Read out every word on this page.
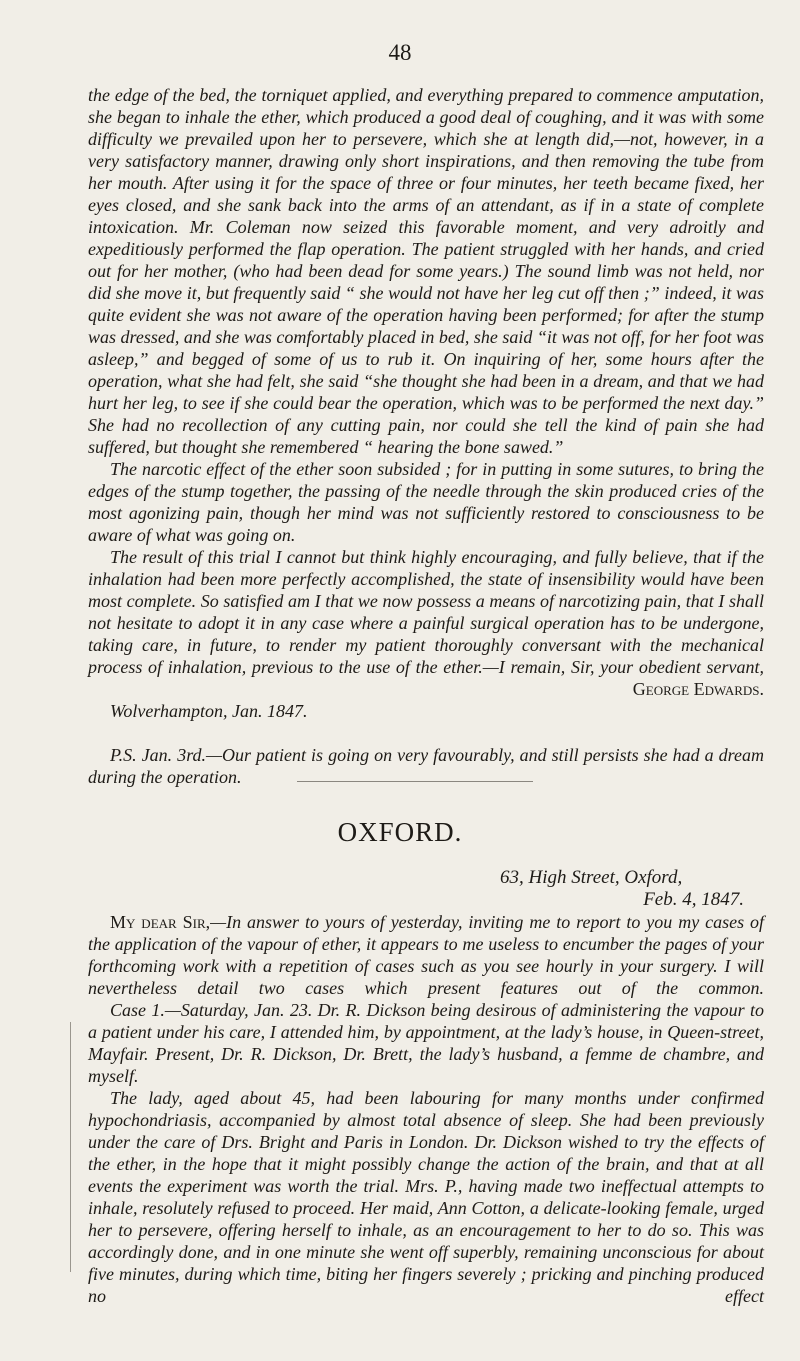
48

the edge of the bed, the torniquet applied, and everything prepared to commence amputation, she began to inhale the ether, which produced a good deal of coughing, and it was with some difficulty we prevailed upon her to persevere, which she at length did,—not, however, in a very satisfactory manner, drawing only short inspirations, and then removing the tube from her mouth. After using it for the space of three or four minutes, her teeth became fixed, her eyes closed, and she sank back into the arms of an attendant, as if in a state of complete intoxication. Mr. Coleman now seized this favorable moment, and very adroitly and expeditiously performed the flap operation. The patient struggled with her hands, and cried out for her mother, (who had been dead for some years.) The sound limb was not held, nor did she move it, but frequently said “ she would not have her leg cut off then ;” indeed, it was quite evident she was not aware of the operation having been performed; for after the stump was dressed, and she was comfortably placed in bed, she said “it was not off, for her foot was asleep,” and begged of some of us to rub it. On inquiring of her, some hours after the operation, what she had felt, she said “she thought she had been in a dream, and that we had hurt her leg, to see if she could bear the operation, which was to be performed the next day.” She had no recollection of any cutting pain, nor could she tell the kind of pain she had suffered, but thought she remembered “ hearing the bone sawed.”

The narcotic effect of the ether soon subsided ; for in putting in some sutures, to bring the edges of the stump together, the passing of the needle through the skin produced cries of the most agonizing pain, though her mind was not sufficiently restored to consciousness to be aware of what was going on.

The result of this trial I cannot but think highly encouraging, and fully believe, that if the inhalation had been more perfectly accomplished, the state of insensibility would have been most complete. So satisfied am I that we now possess a means of narcotizing pain, that I shall not hesitate to adopt it in any case where a painful surgical operation has to be undergone, taking care, in future, to render my patient thoroughly conversant with the mechanical process of inhalation, previous to the use of the ether.—I remain, Sir, your obedient servant,

George Edwards.

Wolverhampton, Jan. 1847.

P.S. Jan. 3rd.—Our patient is going on very favourably, and still persists she had a dream during the operation.

OXFORD.
63, High Street, Oxford,
Feb. 4, 1847.

My dear Sir,—In answer to yours of yesterday, inviting me to report to you my cases of the application of the vapour of ether, it appears to me useless to encumber the pages of your forthcoming work with a repetition of cases such as you see hourly in your surgery. I will nevertheless detail two cases which present features out of the common.

Case 1.—Saturday, Jan. 23. Dr. R. Dickson being desirous of administering the vapour to a patient under his care, I attended him, by appointment, at the lady’s house, in Queen-street, Mayfair. Present, Dr. R. Dickson, Dr. Brett, the lady’s husband, a femme de chambre, and myself.

The lady, aged about 45, had been labouring for many months under confirmed hypochondriasis, accompanied by almost total absence of sleep. She had been previously under the care of Drs. Bright and Paris in London. Dr. Dickson wished to try the effects of the ether, in the hope that it might possibly change the action of the brain, and that at all events the experiment was worth the trial. Mrs. P., having made two ineffectual attempts to inhale, resolutely refused to proceed. Her maid, Ann Cotton, a delicate-looking female, urged her to persevere, offering herself to inhale, as an encouragement to her to do so. This was accordingly done, and in one minute she went off superbly, remaining unconscious for about five minutes, during which time, biting her fingers severely ; pricking and pinching produced no effect
